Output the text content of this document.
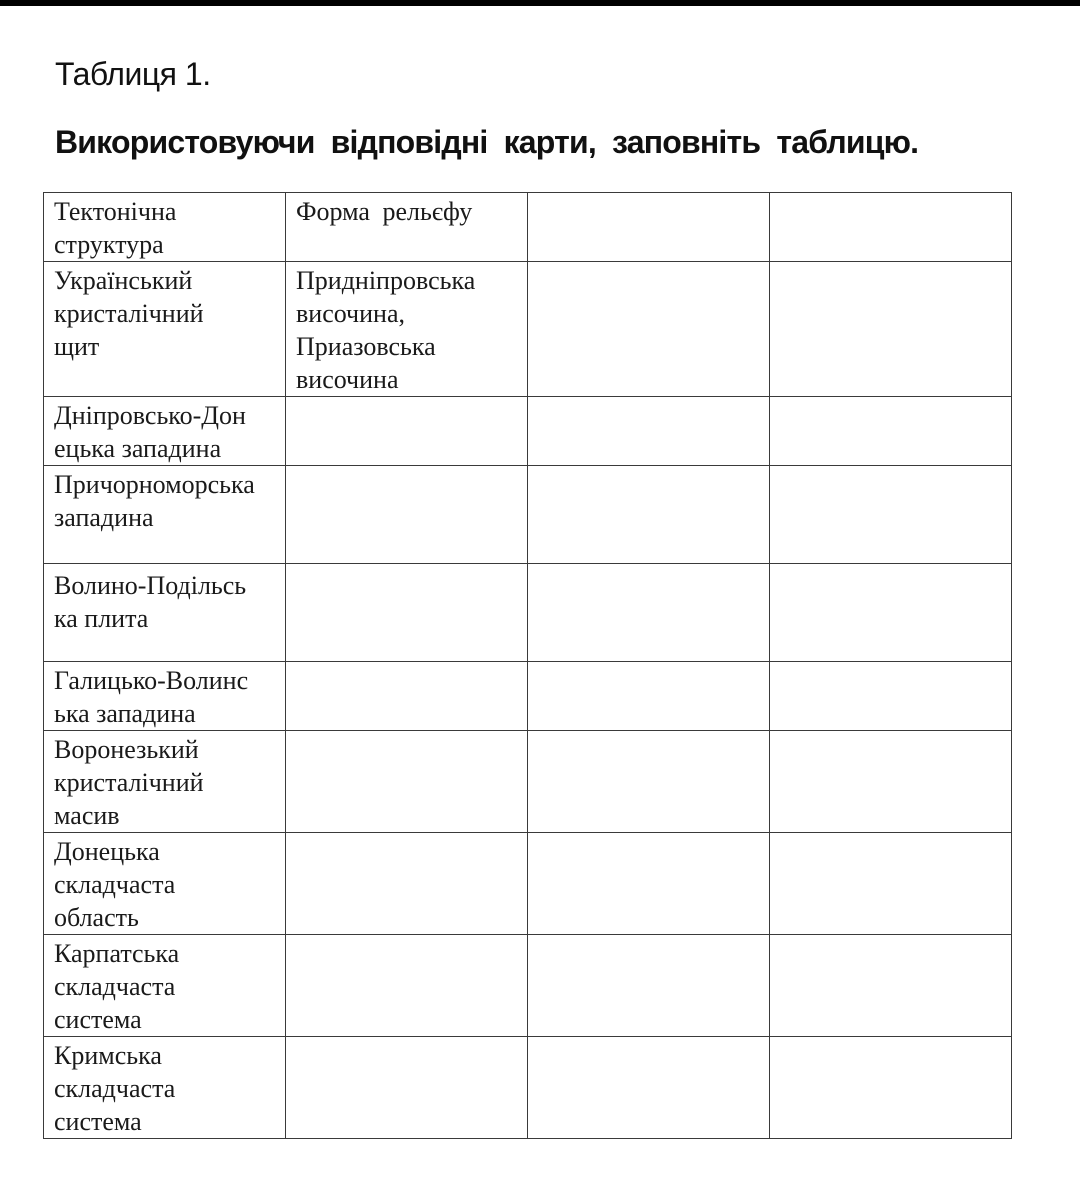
Таблиця 1.
Використовуючи відповідні карти, заповніть таблицю.
Тектонічна
структура	Форма рельєфу		

Український
кристалічний
щит	Придніпровська
височина,
Приазовська
височина		

Дніпровсько-Дон
ецька западина			

Причорноморська
западина			

Волино-Подільсь
ка плита			

Галицько-Волинс
ька западина			

Воронезький
кристалічний
масив			

Донецька
складчаста
область			

Карпатська
складчаста
система			

Кримська
складчаста
система			
